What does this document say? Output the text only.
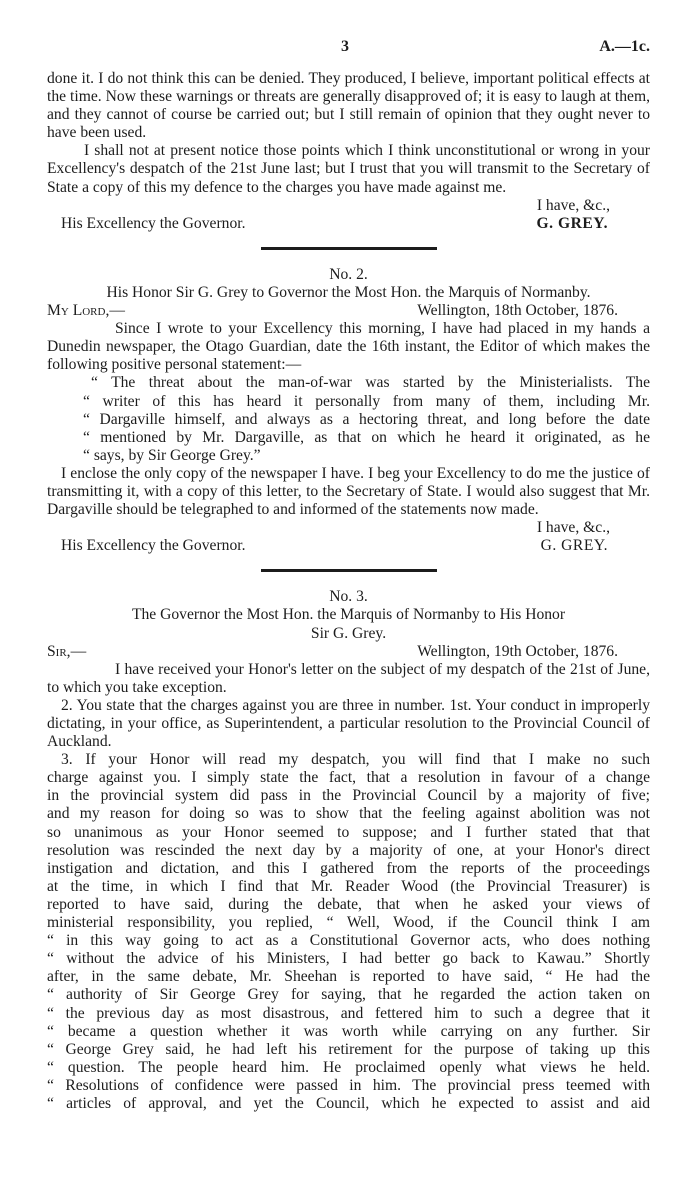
3	A.—1c.

done it. I do not think this can be denied. They produced, I believe, important political effects at the time. Now these warnings or threats are generally disapproved of; it is easy to laugh at them, and they cannot of course be carried out; but I still remain of opinion that they ought never to have been used.

I shall not at present notice those points which I think unconstitutional or wrong in your Excellency's despatch of the 21st June last; but I trust that you will transmit to the Secretary of State a copy of this my defence to the charges you have made against me.

I have, &c.,
His Excellency the Governor.	G. GREY.
No. 2.
His Honor Sir G. Grey to Governor the Most Hon. the Marquis of Normanby.
My Lord,—	Wellington, 18th October, 1876.

Since I wrote to your Excellency this morning, I have had placed in my hands a Dunedin newspaper, the Otago Guardian, date the 16th instant, the Editor of which makes the following positive personal statement:—

“ The threat about the man-of-war was started by the Ministerialists. The
“ writer of this has heard it personally from many of them, including Mr.
“ Dargaville himself, and always as a hectoring threat, and long before the date
“ mentioned by Mr. Dargaville, as that on which he heard it originated, as he
“ says, by Sir George Grey.”

I enclose the only copy of the newspaper I have. I beg your Excellency to do me the justice of transmitting it, with a copy of this letter, to the Secretary of State. I would also suggest that Mr. Dargaville should be telegraphed to and informed of the statements now made.

I have, &c.,
His Excellency the Governor.	G. GREY.
No. 3.
The Governor the Most Hon. the Marquis of Normanby to His Honor
Sir G. Grey.
Sir,—	Wellington, 19th October, 1876.

I have received your Honor's letter on the subject of my despatch of the 21st of June, to which you take exception.

2. You state that the charges against you are three in number. 1st. Your conduct in improperly dictating, in your office, as Superintendent, a particular resolution to the Provincial Council of Auckland.

3. If your Honor will read my despatch, you will find that I make no such
charge against you. I simply state the fact, that a resolution in favour of a change
in the provincial system did pass in the Provincial Council by a majority of five;
and my reason for doing so was to show that the feeling against abolition was not
so unanimous as your Honor seemed to suppose; and I further stated that that
resolution was rescinded the next day by a majority of one, at your Honor's direct
instigation and dictation, and this I gathered from the reports of the proceedings
at the time, in which I find that Mr. Reader Wood (the Provincial Treasurer) is
reported to have said, during the debate, that when he asked your views of
ministerial responsibility, you replied, “ Well, Wood, if the Council think I am
“ in this way going to act as a Constitutional Governor acts, who does nothing
“ without the advice of his Ministers, I had better go back to Kawau.” Shortly
after, in the same debate, Mr. Sheehan is reported to have said, “ He had the
“ authority of Sir George Grey for saying, that he regarded the action taken on
“ the previous day as most disastrous, and fettered him to such a degree that it
“ became a question whether it was worth while carrying on any further. Sir
“ George Grey said, he had left his retirement for the purpose of taking up this
“ question. The people heard him. He proclaimed openly what views he held.
“ Resolutions of confidence were passed in him. The provincial press teemed with
“ articles of approval, and yet the Council, which he expected to assist and aid
